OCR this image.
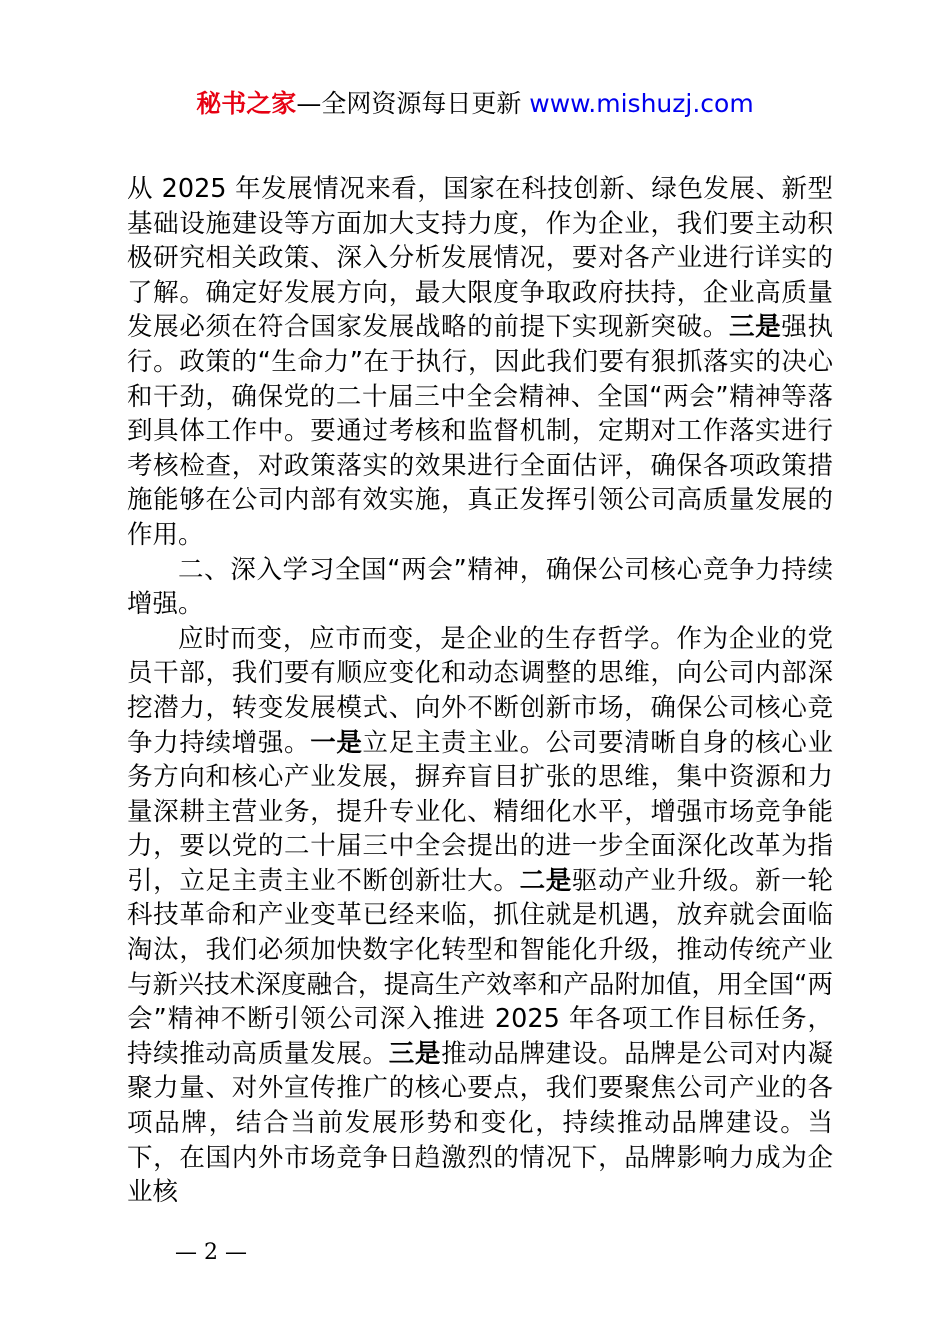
秘书之家—全网资源每日更新 www.mishuzj.com

从 2025 年发展情况来看，国家在科技创新、绿色发展、新型基础设施建设等方面加大支持力度，作为企业，我们要主动积极研究相关政策、深入分析发展情况，要对各产业进行详实的了解。确定好发展方向，最大限度争取政府扶持，企业高质量发展必须在符合国家发展战略的前提下实现新突破。三是强执行。政策的“生命力”在于执行，因此我们要有狠抓落实的决心和干劲，确保党的二十届三中全会精神、全国“两会”精神等落到具体工作中。要通过考核和监督机制，定期对工作落实进行考核检查，对政策落实的效果进行全面估评，确保各项政策措施能够在公司内部有效实施，真正发挥引领公司高质量发展的作用。

二、深入学习全国“两会”精神，确保公司核心竞争力持续增强。

应时而变，应市而变，是企业的生存哲学。作为企业的党员干部，我们要有顺应变化和动态调整的思维，向公司内部深挖潜力，转变发展模式、向外不断创新市场，确保公司核心竞争力持续增强。一是立足主责主业。公司要清晰自身的核心业务方向和核心产业发展，摒弃盲目扩张的思维，集中资源和力量深耕主营业务，提升专业化、精细化水平，增强市场竞争能力，要以党的二十届三中全会提出的进一步全面深化改革为指引，立足主责主业不断创新壮大。二是驱动产业升级。新一轮科技革命和产业变革已经来临，抓住就是机遇，放弃就会面临淘汰，我们必须加快数字化转型和智能化升级，推动传统产业与新兴技术深度融合，提高生产效率和产品附加值，用全国“两会”精神不断引领公司深入推进 2025 年各项工作目标任务，持续推动高质量发展。三是推动品牌建设。品牌是公司对内凝聚力量、对外宣传推广的核心要点，我们要聚焦公司产业的各项品牌，结合当前发展形势和变化，持续推动品牌建设。当下，在国内外市场竞争日趋激烈的情况下，品牌影响力成为企业核

— 2 —
